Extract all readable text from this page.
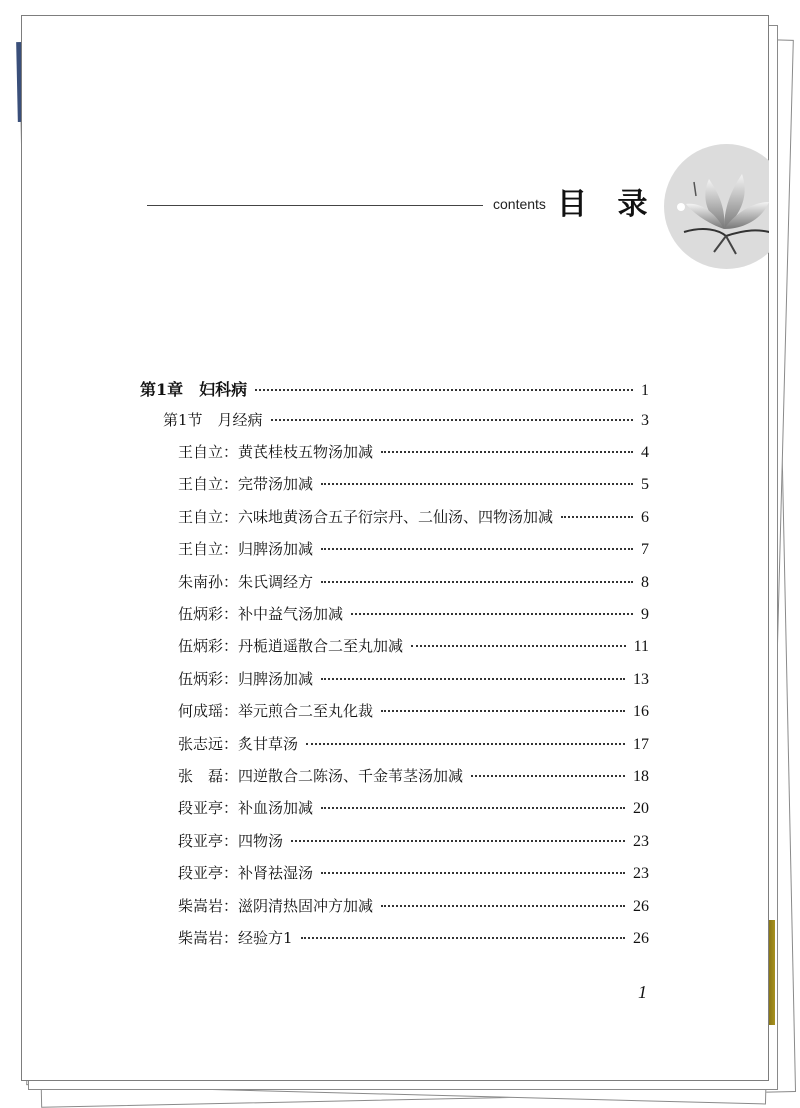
contents 目 录
第1章　妇科病	1
第1节　月经病	3
王自立：黄芪桂枝五物汤加减	4
王自立：完带汤加减	5
王自立：六味地黄汤合五子衍宗丹、二仙汤、四物汤加减	6
王自立：归脾汤加减	7
朱南孙：朱氏调经方	8
伍炳彩：补中益气汤加减	9
伍炳彩：丹栀逍遥散合二至丸加减	11
伍炳彩：归脾汤加减	13
何成瑶：举元煎合二至丸化裁	16
张志远：炙甘草汤	17
张　磊：四逆散合二陈汤、千金苇茎汤加减	18
段亚亭：补血汤加减	20
段亚亭：四物汤	23
段亚亭：补肾祛湿汤	23
柴嵩岩：滋阴清热固冲方加减	26
柴嵩岩：经验方1	26
1
